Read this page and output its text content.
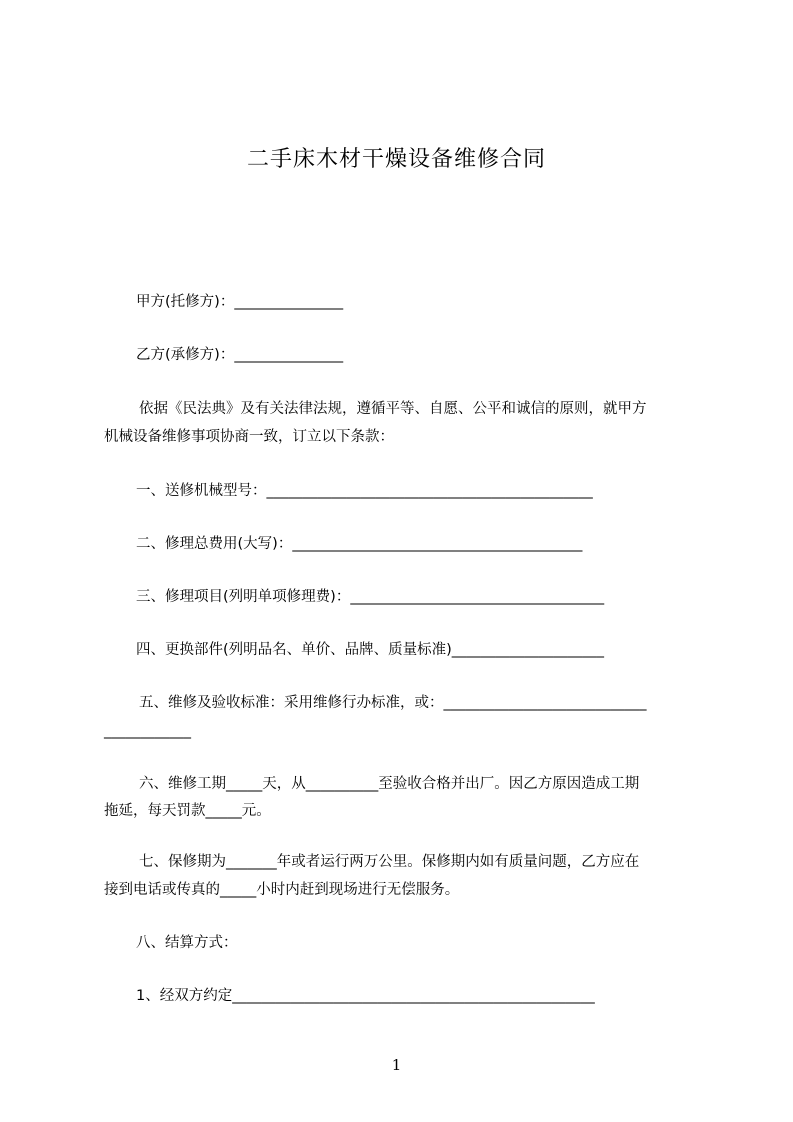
二手床木材干燥设备维修合同
甲方(托修方)：_______________
乙方(承修方)：_______________
依据《民法典》及有关法律法规，遵循平等、自愿、公平和诚信的原则，就甲方
机械设备维修事项协商一致，订立以下条款：
一、送修机械型号：_____________________________________________
二、修理总费用(大写)：________________________________________
三、修理项目(列明单项修理费)：___________________________________
四、更换部件(列明品名、单价、品牌、质量标准)_____________________
五、维修及验收标准：采用维修行办标准，或：____________________________
____________
六、维修工期_____天，从__________至验收合格并出厂。因乙方原因造成工期
拖延，每天罚款_____元。
七、保修期为_______年或者运行两万公里。保修期内如有质量问题，乙方应在
接到电话或传真的_____小时内赶到现场进行无偿服务。
八、结算方式：
1、经双方约定__________________________________________________
1
